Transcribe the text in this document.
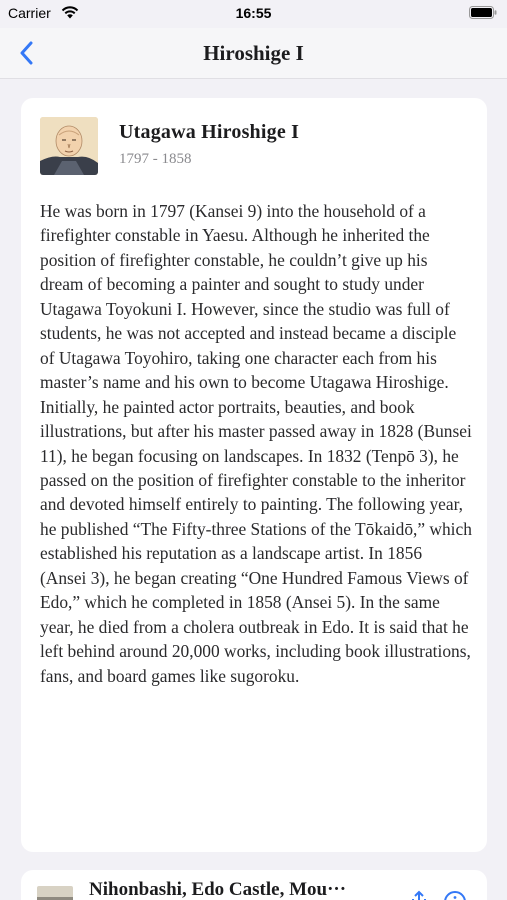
Carrier	16:55
Hiroshige I
Utagawa Hiroshige I
1797 - 1858

He was born in 1797 (Kansei 9) into the household of a firefighter constable in Yaesu. Although he inherited the position of firefighter constable, he couldn’t give up his dream of becoming a painter and sought to study under Utagawa Toyokuni I. However, since the studio was full of students, he was not accepted and instead became a disciple of Utagawa Toyohiro, taking one character each from his master’s name and his own to become Utagawa Hiroshige. Initially, he painted actor portraits, beauties, and book illustrations, but after his master passed away in 1828 (Bunsei 11), he began focusing on landscapes. In 1832 (Tenpō 3), he passed on the position of firefighter constable to the inheritor and devoted himself entirely to painting. The following year, he published “The Fifty-three Stations of the Tōkaidō,” which established his reputation as a landscape artist. In 1856 (Ansei 3), he began creating “One Hundred Famous Views of Edo,” which he completed in 1858 (Ansei 5). In the same year, he died from a cholera outbreak in Edo. It is said that he left behind around 20,000 works, including book illustrations, fans, and board games like sugoroku.

Nihonbashi, Edo Castle, Mou···
